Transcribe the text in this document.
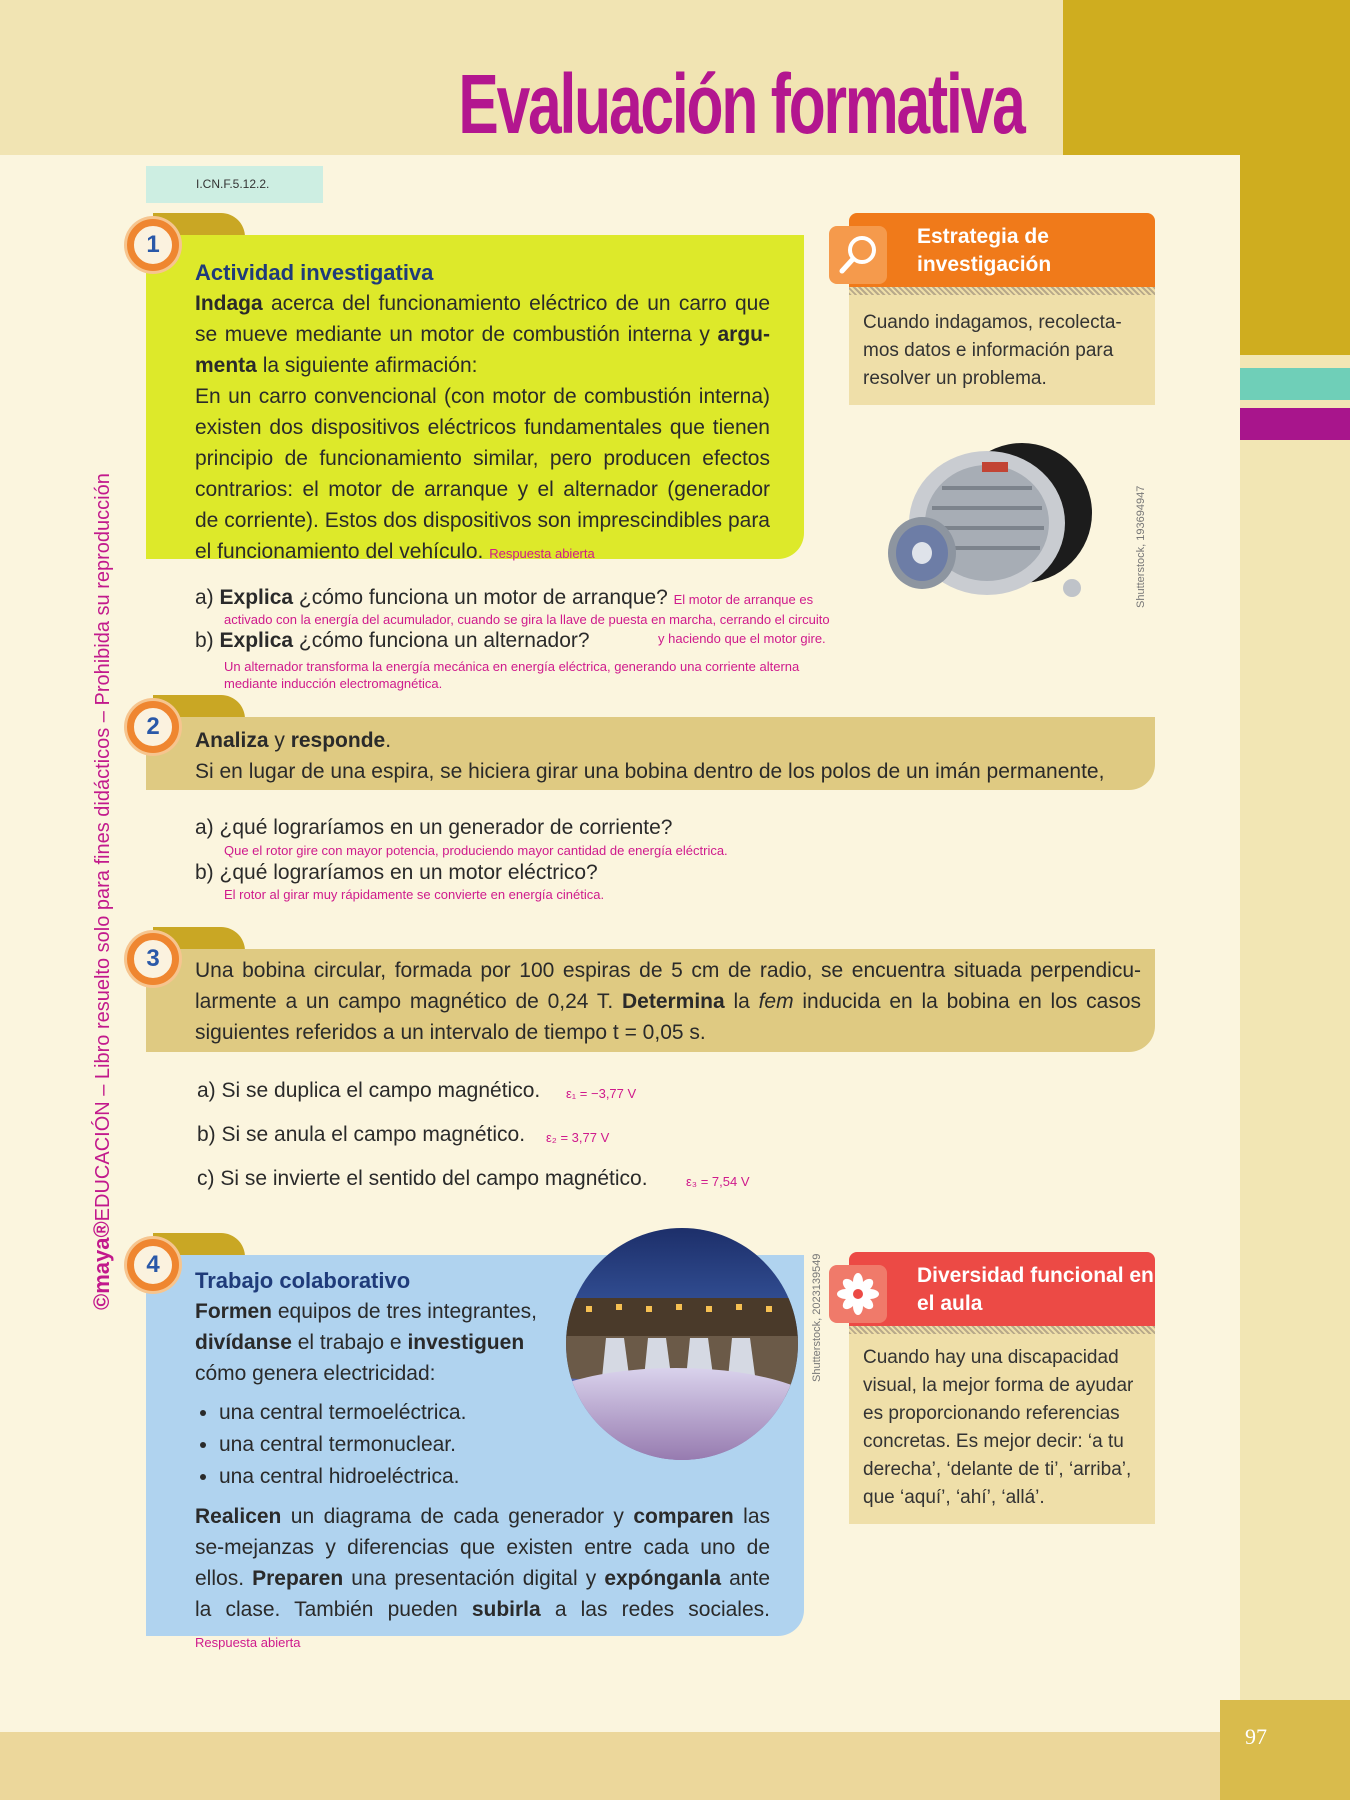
97
Evaluación formativa
I.CN.F.5.12.2.
©maya®EDUCACIÓN – Libro resuelto solo para fines didácticos – Prohibida su reproducción

Actividad investigativa

Indaga acerca del funcionamiento eléctrico de un carro que se mueve mediante un motor de combustión interna y argu-menta la siguiente afirmación:

En un carro convencional (con motor de combustión interna) existen dos dispositivos eléctricos fundamentales que tienen principio de funcionamiento similar, pero producen efectos contrarios: el motor de arranque y el alternador (generador de corriente). Estos dos dispositivos son imprescindibles para el funcionamiento del vehículo. Respuesta abierta

1
a) Explica ¿cómo funciona un motor de arranque? El motor de arranque es
activado con la energía del acumulador, cuando se gira la llave de puesta en marcha, cerrando el circuito
y haciendo que el motor gire.
b) Explica ¿cómo funciona un alternador?
Un alternador transforma la energía mecánica en energía eléctrica, generando una corriente alterna mediante inducción electromagnética.
Estrategia de investigación
Cuando indagamos, recolecta-mos datos e información para resolver un problema.
Shutterstock, 193694947

Analiza y responde.

Si en lugar de una espira, se hiciera girar una bobina dentro de los polos de un imán permanente,

2
a) ¿qué lograríamos en un generador de corriente?
Que el rotor gire con mayor potencia, produciendo mayor cantidad de energía eléctrica.
b) ¿qué lograríamos en un motor eléctrico?
El rotor al girar muy rápidamente se convierte en energía cinética.

Una bobina circular, formada por 100 espiras de 5 cm de radio, se encuentra situada perpendicu-larmente a un campo magnético de 0,24 T. Determina la fem inducida en la bobina en los casos siguientes referidos a un intervalo de tiempo t = 0,05 s.

3
a) Si se duplica el campo magnético. ε₁ = −3,77 V
b) Si se anula el campo magnético. ε₂ = 3,77 V
c) Si se invierte el sentido del campo magnético.	ε₃ = 7,54 V

Trabajo colaborativo

Formen equipos de tres integrantes, divídanse el trabajo e investiguen cómo genera electricidad:

• una central termoeléctrica.
• una central termonuclear.
• una central hidroeléctrica.

Realicen un diagrama de cada generador y comparen las se-mejanzas y diferencias que existen entre cada uno de ellos. Preparen una presentación digital y expónganla ante la clase. También pueden subirla a las redes sociales. Respuesta abierta

4	Shutterstock, 2023139549	Diversidad funcional en el aula
Cuando hay una discapacidad visual, la mejor forma de ayudar es proporcionando referencias concretas. Es mejor decir: ‘a tu derecha’, ‘delante de ti’, ‘arriba’, que ‘aquí’, ‘ahí’, ‘allá’.
